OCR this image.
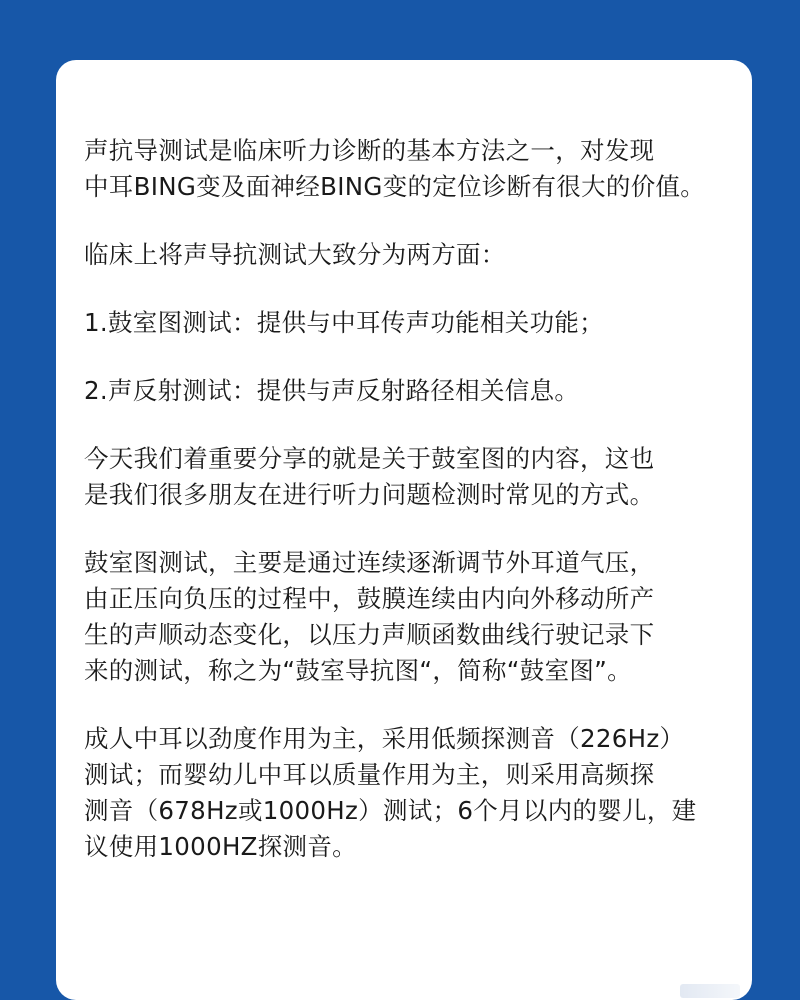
声抗导测试是临床听力诊断的基本方法之一，对发现
中耳BING变及面神经BING变的定位诊断有很大的价值。
临床上将声导抗测试大致分为两方面：
1.鼓室图测试：提供与中耳传声功能相关功能；
2.声反射测试：提供与声反射路径相关信息。
今天我们着重要分享的就是关于鼓室图的内容，这也
是我们很多朋友在进行听力问题检测时常见的方式。
鼓室图测试，主要是通过连续逐渐调节外耳道气压，
由正压向负压的过程中，鼓膜连续由内向外移动所产
生的声顺动态变化，以压力声顺函数曲线行驶记录下
来的测试，称之为“鼓室导抗图“，简称“鼓室图”。
成人中耳以劲度作用为主，采用低频探测音（226Hz）
测试；而婴幼儿中耳以质量作用为主，则采用高频探
测音（678Hz或1000Hz）测试；6个月以内的婴儿，建
议使用1000HZ探测音。
